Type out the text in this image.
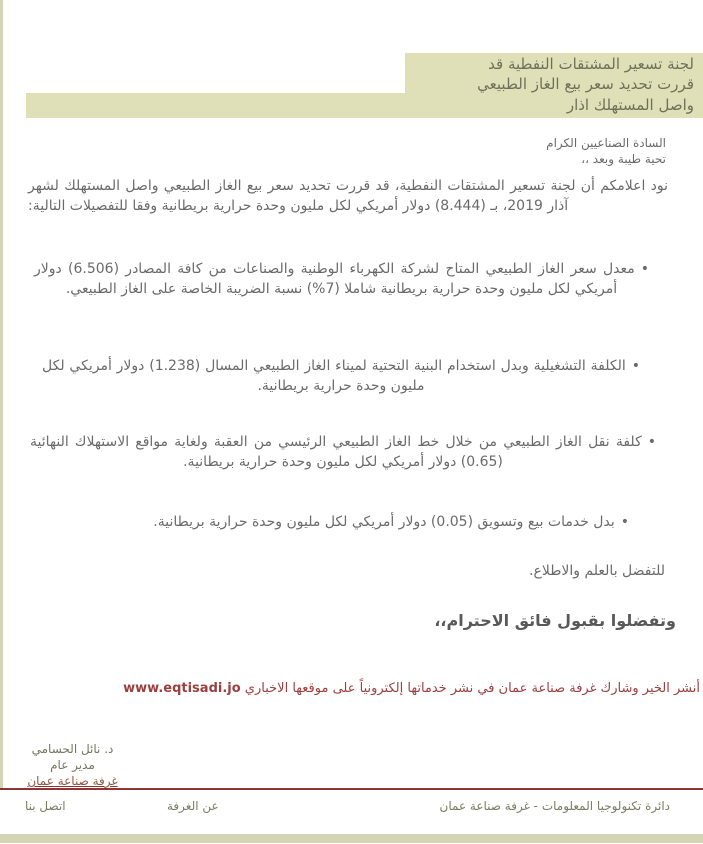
لجنة تسعير المشتقات النفطية قد
قررت تحديد سعر بيع الغاز الطبيعي
واصل المستهلك اذار
السادة الصناعيين الكرام
تحية طيبة وبعد ،،
نود اعلامكم أن لجنة تسعير المشتقات النفطية، قد قررت تحديد سعر بيع الغاز الطبيعي واصل المستهلك لشهر آذار 2019، بـ (8.444) دولار أمريكي لكل مليون وحدة حرارية بريطانية وفقا للتفصيلات التالية:
•معدل سعر الغاز الطبيعي المتاح لشركة الكهرباء الوطنية والصناعات من كافة المصادر (6.506) دولار أمريكي لكل مليون وحدة حرارية بريطانية شاملا (7%) نسبة الضريبة الخاصة على الغاز الطبيعي.
•الكلفة التشغيلية وبدل استخدام البنية التحتية لميناء الغاز الطبيعي المسال (1.238) دولار أمريكي لكل مليون وحدة حرارية بريطانية.
•كلفة نقل الغاز الطبيعي من خلال خط الغاز الطبيعي الرئيسي من العقبة ولغاية مواقع الاستهلاك النهائية (0.65) دولار أمريكي لكل مليون وحدة حرارية بريطانية.
•بدل خدمات بيع وتسويق (0.05) دولار أمريكي لكل مليون وحدة حرارية بريطانية.
للتفضل بالعلم والاطلاع.
وتفضلوا بقبول فائق الاحترام،،
أنشر الخير وشارك غرفة صناعة عمان في نشر خدماتها إلكترونياً على موقعها الاخباري www.eqtisadi.jo
د. نائل الحسامي
مدير عام
غرفة صناعة عمان
اتصل بنا	عن الغرفة	دائرة تكنولوجيا المعلومات - غرفة صناعة عمان
